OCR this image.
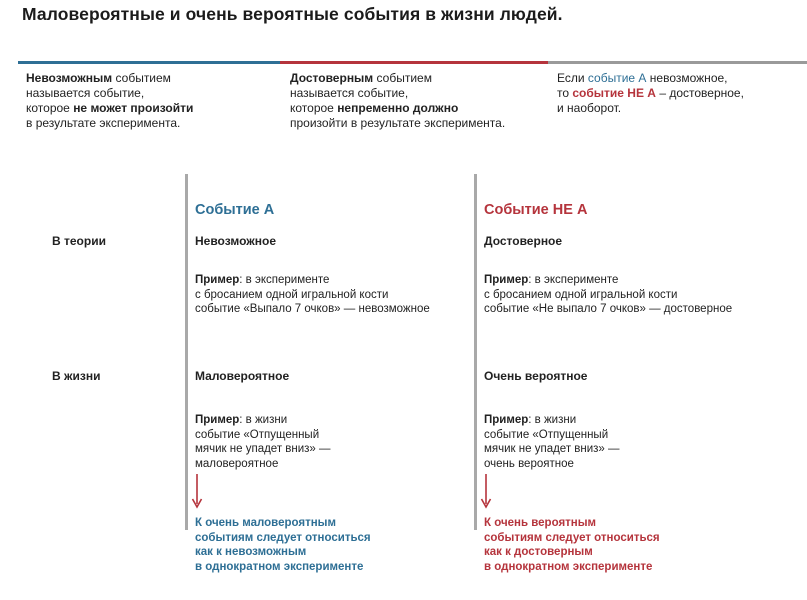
Маловероятные и очень вероятные события в жизни людей.
Невозможным событием
называется событие,
которое не может произойти
в результате эксперимента.
Достоверным событием
называется событие,
которое непременно должно
произойти в результате эксперимента.
Если событие А невозможное,
то событие НЕ А – достоверное,
и наоборот.
Событие А	Событие НЕ А
В теории	Невозможное	Достоверное
Пример: в эксперименте
с бросанием одной игральной кости
событие «Выпало 7 очков» — невозможное
Пример: в эксперименте
с бросанием одной игральной кости
событие «Не выпало 7 очков» — достоверное
В жизни	Маловероятное	Очень вероятное
Пример: в жизни
событие «Отпущенный
мячик не упадет вниз» —
маловероятное
Пример: в жизни
событие «Отпущенный
мячик не упадет вниз» —
очень вероятное
К очень маловероятным
событиям следует относиться
как к невозможным
в однократном эксперименте
К очень вероятным
событиям следует относиться
как к достоверным
в однократном эксперименте
